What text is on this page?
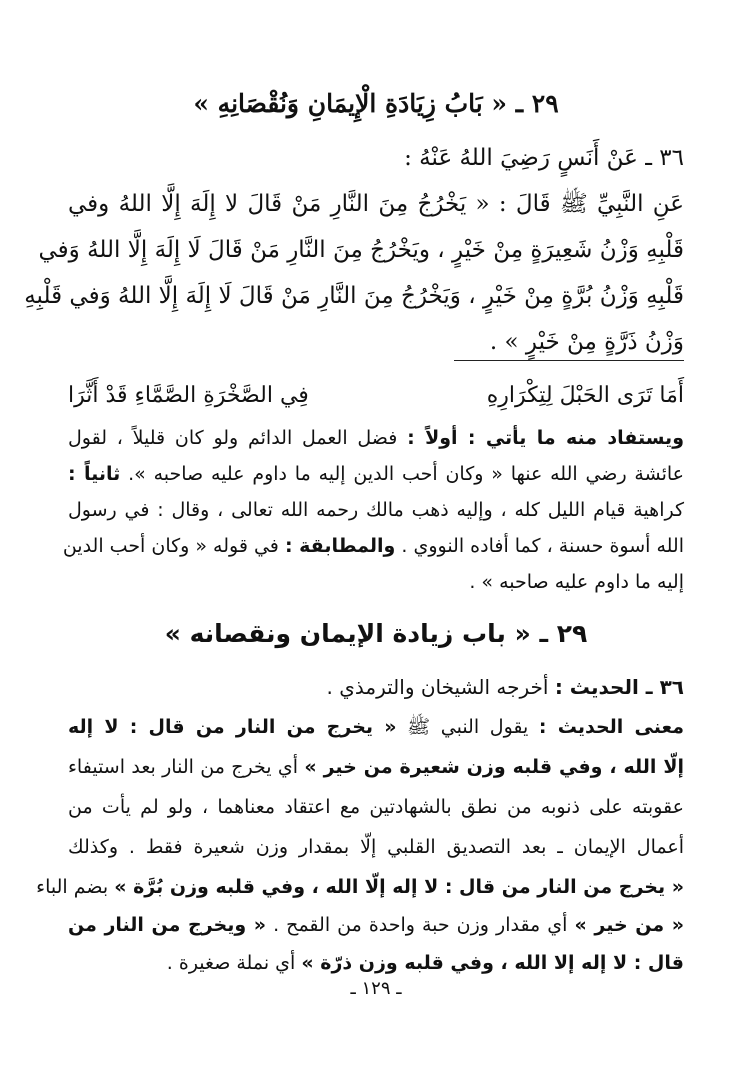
٢٩ ـ « بَابُ زِيَادَةِ الْإِيمَانِ وَنُقْصَانِهِ »
٣٦ ـ عَنْ أَنَسٍ رَضِيَ اللهُ عَنْهُ :
عَنِ النَّبِيِّ ﷺ قَالَ : « يَخْرُجُ مِنَ النَّارِ مَنْ قَالَ لا إِلَهَ إِلَّا اللهُ وفي
قَلْبِهِ وَزْنُ شَعِيرَةٍ مِنْ خَيْرٍ ، ويَخْرُجُ مِنَ النَّارِ مَنْ قَالَ لَا إِلَهَ إِلَّا اللهُ وَفي
قَلْبِهِ وَزْنُ بُرَّةٍ مِنْ خَيْرٍ ، وَيَخْرُجُ مِنَ النَّارِ مَنْ قَالَ لَا إِلَهَ إِلَّا اللهُ وَفي قَلْبِهِ
وَزْنُ ذَرَّةٍ مِنْ خَيْرٍ » .
أَمَا تَرَى الحَبْلَ لِتِكْرَارِهِ
فِي الصَّخْرَةِ الصَّمَّاءِ قَدْ أَثَّرَا
ويستفاد منه ما يأتي : أولاً : فضل العمل الدائم ولو كان قليلاً ، لقول
عائشة رضي الله عنها « وكان أحب الدين إليه ما داوم عليه صاحبه ». ثانياً :
كراهية قيام الليل كله ، وإليه ذهب مالك رحمه الله تعالى ، وقال : في رسول
الله أسوة حسنة ، كما أفاده النووي . والمطابقة : في قوله « وكان أحب الدين
إليه ما داوم عليه صاحبه » .
٢٩ ـ « باب زيادة الإيمان ونقصانه »
٣٦ ـ الحديث : أخرجه الشيخان والترمذي .
معنى الحديث : يقول النبي ﷺ « يخرج من النار من قال : لا إله
إلّا الله ، وفي قلبه وزن شعيرة من خير » أي يخرج من النار بعد استيفاء
عقوبته على ذنوبه من نطق بالشهادتين مع اعتقاد معناهما ، ولو لم يأت من
أعمال الإيمان ـ بعد التصديق القلبي إلّا بمقدار وزن شعيرة فقط . وكذلك
« يخرج من النار من قال : لا إله إلّا الله ، وفي قلبه وزن بُرَّة » بضم الباء
« من خير » أي مقدار وزن حبة واحدة من القمح . « ويخرج من النار من
قال : لا إله إلا الله ، وفي قلبه وزن ذرّة » أي نملة صغيرة .
ـ ١٢٩ ـ
